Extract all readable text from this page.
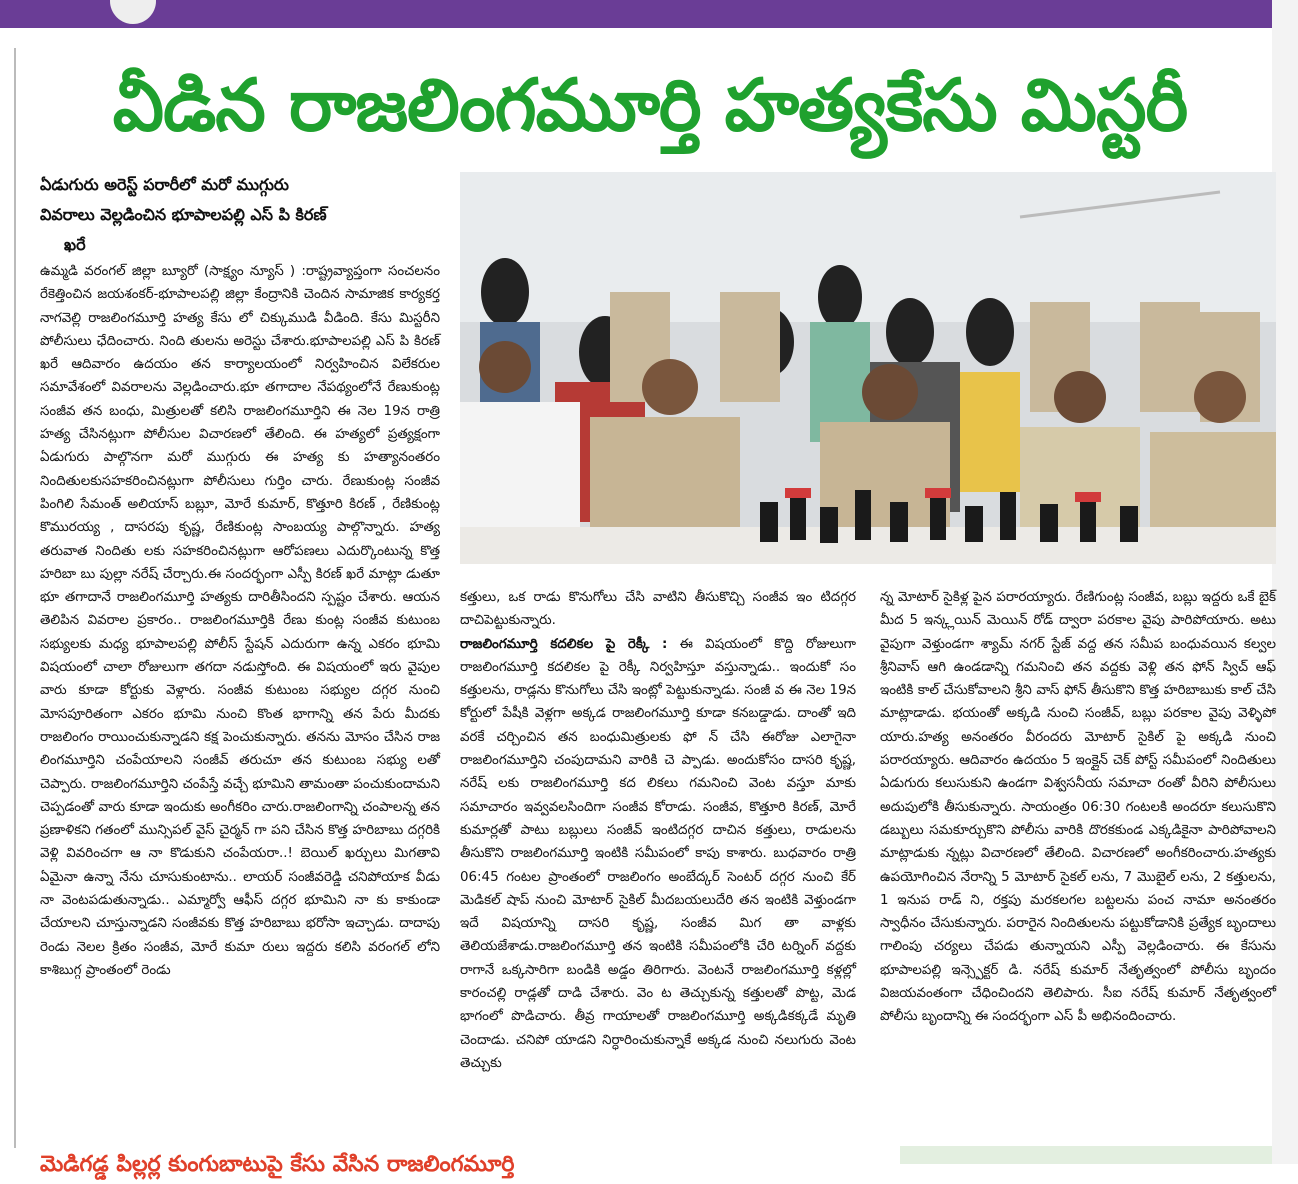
వీడిన రాజలింగమూర్తి హత్యకేసు మిస్టరీ
ఏడుగురు అరెస్ట్ పరారీలో మరో ముగ్గురు
వివరాలు వెల్లడించిన భూపాలపల్లి ఎస్ పి కిరణ్
ఖరే

ఉమ్మడి వరంగల్ జిల్లా బ్యూరో (సాక్ష్యం న్యూస్ ) :రాష్ట్రవ్యాప్తంగా సంచలనం రేకెత్తించిన జయశంకర్-భూపాలపల్లి జిల్లా కేంద్రానికి చెందిన సామాజిక కార్యకర్త నాగవెల్లి రాజలింగమూర్తి హత్య కేసు లో చిక్కుముడి వీడింది. కేసు మిస్టరీని పోలీసులు ఛేదించారు. నింది తులను అరెస్టు చేశారు.భూపాలపల్లి ఎస్ పి కిరణ్ ఖరే ఆదివారం ఉదయం తన కార్యాలయంలో నిర్వహించిన విలేకరుల సమావేశంలో వివరాలను వెల్లడించారు.భూ తగాదాల నేపథ్యంలోనే రేణుకుంట్ల సంజీవ తన బంధు, మిత్రులతో కలిసి రాజలింగమూర్తిని ఈ నెల 19న రాత్రి హత్య చేసినట్లుగా పోలీసుల విచారణలో తేలింది. ఈ హత్యలో ప్రత్యక్షంగా ఏడుగురు పాల్గొనగా మరో ముగ్గురు ఈ హత్య కు హత్యానంతరం నిందితులకుసహకరించినట్లుగా పోలీసులు గుర్తిం చారు. రేణుకుంట్ల సంజీవ పింగిలి సేమంత్ అలియాస్ బబ్లూ, మోరే కుమార్, కొత్తూరి కిరణ్ , రేణికుంట్ల కొమురయ్య , దాసరపు కృష్ణ, రేణికుంట్ల సాంబయ్య పాల్గొన్నారు. హత్య తరువాత నిందితు లకు సహకరించినట్లుగా ఆరోపణలు ఎదుర్కొంటున్న కొత్త హరిబా బు పుల్లా నరేష్ చేర్చారు.ఈ సందర్భంగా ఎస్పీ కిరణ్ ఖరే మాట్లా డుతూ భూ తగాదానే రాజలింగమూర్తి హత్యకు దారితీసిందని స్పష్టం చేశారు. ఆయన తెలిపిన వివరాల ప్రకారం.. రాజలింగమూర్తికి రేణు కుంట్ల సంజీవ కుటుంబ సభ్యులకు మధ్య భూపాలపల్లి పోలీస్ స్టేషన్ ఎదురుగా ఉన్న ఎకరం భూమి విషయంలో చాలా రోజులుగా తగదా నడుస్తోంది. ఈ విషయంలో ఇరు వైపుల వారు కూడా కోర్టుకు వెళ్లారు. సంజీవ కుటుంబ సభ్యుల దగ్గర నుంచి మోసపూరితంగా ఎకరం భూమి నుంచి కొంత భాగాన్ని తన పేరు మీదకు రాజలింగం రాయించుకున్నాడని కక్ష పెంచుకున్నారు. తనను మోసం చేసిన రాజ లింగమూర్తిని చంపేయాలని సంజీవ్ తరుచూ తన కుటుంబ సభ్యు లతో చెప్పారు. రాజలింగమూర్తిని చంపేస్తే వచ్చే భూమిని తామంతా పంచుకుందామని చెప్పడంతో వారు కూడా ఇందుకు అంగీకరిం చారు.రాజలింగాన్ని చంపాలన్న తన ప్రణాళికని గతంలో మున్సిపల్ వైస్ చైర్మన్ గా పని చేసిన కొత్త హరిబాబు దగ్గరికి వెళ్లి వివరించగా ఆ నా కొడుకుని చంపేయరా..! బెయిల్ ఖర్చులు మిగతావి ఏమైనా ఉన్నా నేను చూసుకుంటాను.. లాయర్ సంజీవరెడ్డి చనిపోయాక వీడు నా వెంటపడుతున్నాడు.. ఎమ్మార్వో ఆఫీస్ దగ్గర భూమిని నా కు కాకుండా చేయాలని చూస్తున్నాడని సంజీవకు కొత్త హరిబాబు భరోసా ఇచ్చాడు. దాదాపు రెండు నెలల క్రితం సంజీవ, మోరే కుమా రులు ఇద్దరు కలిసి వరంగల్ లోని కాశిబుగ్గ ప్రాంతంలో రెండు

కత్తులు, ఒక రాడు కొనుగోలు చేసి వాటిని తీసుకొచ్చి సంజీవ ఇం టిదగ్గర దాచిపెట్టుకున్నారు.

రాజలింగమూర్తి కదలికల పై రెక్కీ : ఈ విషయంలో కొద్ది రోజులుగా రాజలింగమూర్తి కదలికల పై రెక్కీ నిర్వహిస్తూ వస్తున్నాడు.. ఇందుకో సం కత్తులను, రాడ్లను కొనుగోలు చేసి ఇంట్లో పెట్టుకున్నాడు. సంజీ వ ఈ నెల 19న కోర్టులో పేషీకి వెళ్లగా అక్కడ రాజలింగమూర్తి కూడా కనబడ్డాడు. దాంతో ఇది వరకే చర్చించిన తన బంధుమిత్రులకు ఫో న్ చేసి ఈరోజు ఎలాగైనా రాజలింగమూర్తిని చంపుదామని వారికి చె ప్పాడు. అందుకోసం దాసరి కృష్ణ, నరేష్ లకు రాజలింగమూర్తి కద లికలు గమనించి వెంట వస్తూ మాకు సమాచారం ఇవ్వవలసిందిగా సంజీవ కోరాడు. సంజీవ, కొత్తూరి కిరణ్, మోరే కుమార్లతో పాటు బబ్లులు సంజీవ్ ఇంటిదగ్గర దాచిన కత్తులు, రాడులను తీసుకొని రాజలింగమూర్తి ఇంటికి సమీపంలో కాపు కాశారు. బుధవారం రాత్రి 06:45 గంటల ప్రాంతంలో రాజలింగం అంబేద్కర్ సెంటర్ దగ్గర నుంచి కేర్ మెడికల్ షాప్ నుంచి మోటార్ సైకిల్ మీదబయలుదేరి తన ఇంటికి వెళ్తుండగా ఇదే విషయాన్ని దాసరి కృష్ణ, సంజీవ మిగ తా వాళ్లకు తెలియజేశాడు.రాజలింగమూర్తి తన ఇంటికి సమీపంలోకి చేరి టర్నింగ్ వద్దకు రాగానే ఒక్కసారిగా బండికి అడ్డం తిరిగారు. వెంటనే రాజలింగమూర్తి కళ్లల్లో కారంచల్లి రాడ్లతో దాడి చేశారు. వెం ట తెచ్చుకున్న కత్తులతో పొట్ట, మెడ భాగంలో పొడిచారు. తీవ్ర గాయాలతో రాజలింగమూర్తి అక్కడికక్కడే మృతి చెందాడు. చనిపో యాడని నిర్ధారించుకున్నాకే అక్కడ నుంచి నలుగురు వెంట తెచ్చుకు

న్న మోటార్ సైకిళ్ల పైన పరారయ్యారు. రేణిగుంట్ల సంజీవ, బబ్లు ఇద్దరు ఒకే బైక్ మీద 5 ఇన్క్లయిన్ మెయిన్ రోడ్ ద్వారా పరకాల వైపు పారిపోయారు. అటు వైపుగా వెళ్తుండగా శ్యామ్ నగర్ స్టేజ్ వద్ద తన సమీప బంధువయిన కల్వల శ్రీనివాస్ ఆగి ఉండడాన్ని గమనించి తన వద్దకు వెళ్లి తన ఫోన్ స్విచ్ ఆఫ్ ఇంటికి కాల్ చేసుకోవాలని శ్రీని వాస్ ఫోన్ తీసుకొని కొత్త హరిబాబుకు కాల్ చేసి మాట్లాడాడు. భయంతో అక్కడి నుంచి సంజీవ్, బబ్లు పరకాల వైపు వెళ్ళిపో యారు.హత్య అనంతరం వీరందరు మోటార్ సైకిల్ పై అక్కడి నుంచి పరారయ్యారు. ఆదివారం ఉదయం 5 ఇంక్లైన్ చెక్ పోస్ట్ సమీపంలో నిందితులు ఏడుగురు కలుసుకుని ఉండగా విశ్వసనీయ సమాచా రంతో వీరిని పోలీసులు అదుపులోకి తీసుకున్నారు. సాయంత్రం 06:30 గంటలకి అందరూ కలుసుకొని డబ్బులు సమకూర్చుకొని పోలీసు వారికి దొరకకుండ ఎక్కడికైనా పారిపోవాలని మాట్లాడుకు న్నట్లు విచారణలో తేలింది. విచారణలో అంగీకరించారు.హత్యకు ఉపయోగించిన నేరాన్ని 5 మోటార్ సైకల్ లను, 7 మొబైల్ లను, 2 కత్తులను, 1 ఇనుప రాడ్ ని, రక్తపు మరకలగల బట్టలను పంచ నామా అనంతరం స్వాధీనం చేసుకున్నారు. పరారైన నిందితులను పట్టుకోడానికి ప్రత్యేక బృందాలు గాలింపు చర్యలు చేపడు తున్నాయని ఎస్పీ వెల్లడించారు. ఈ కేసును భూపాలపల్లి ఇన్స్పెక్టర్ డి. నరేష్ కుమార్ నేతృత్వంలో పోలీసు బృందం విజయవంతంగా చేధించిందని తెలిపారు. సీఐ నరేష్ కుమార్ నేతృత్వంలో పోలీసు బృందాన్ని ఈ సందర్భంగా ఎస్ పీ అభినందించారు.

మెడిగడ్డ పిల్లర్ల కుంగుబాటుపై కేసు వేసిన రాజలింగమూర్తి
